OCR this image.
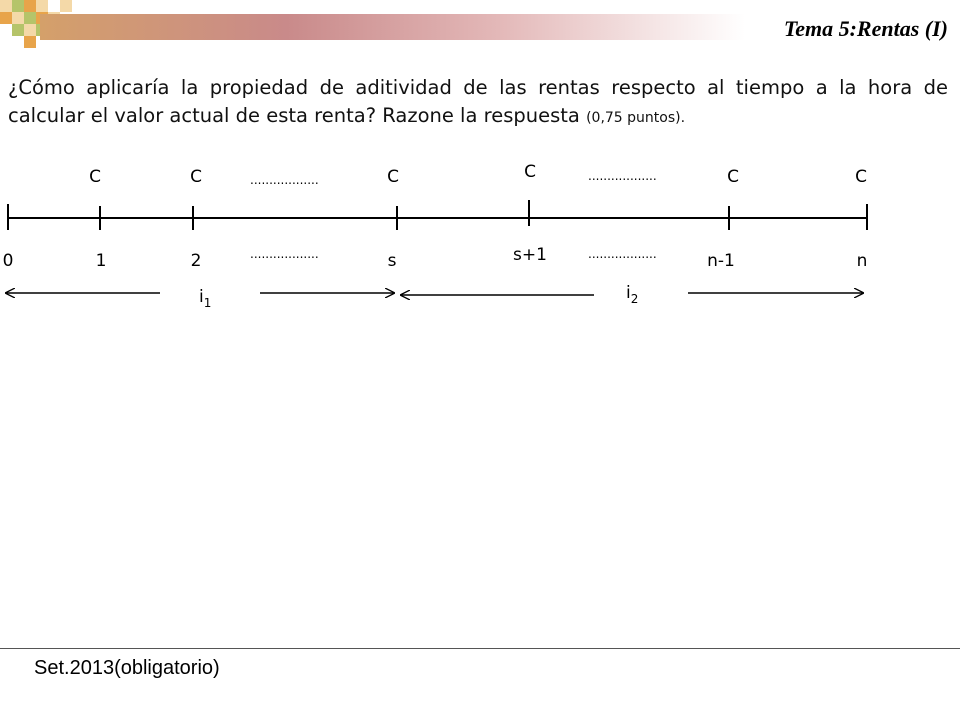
Tema 5:Rentas (I)
¿Cómo aplicaría la propiedad de aditividad de las rentas respecto al tiempo a la hora de calcular el valor actual de esta renta? Razone la respuesta (0,75 puntos).
C	C	C	C	C	C
..................	..................
..................	..................
0	1	2	s	s+1	n-1	n
$i_1$	$i_2$
Set.2013(obligatorio)
